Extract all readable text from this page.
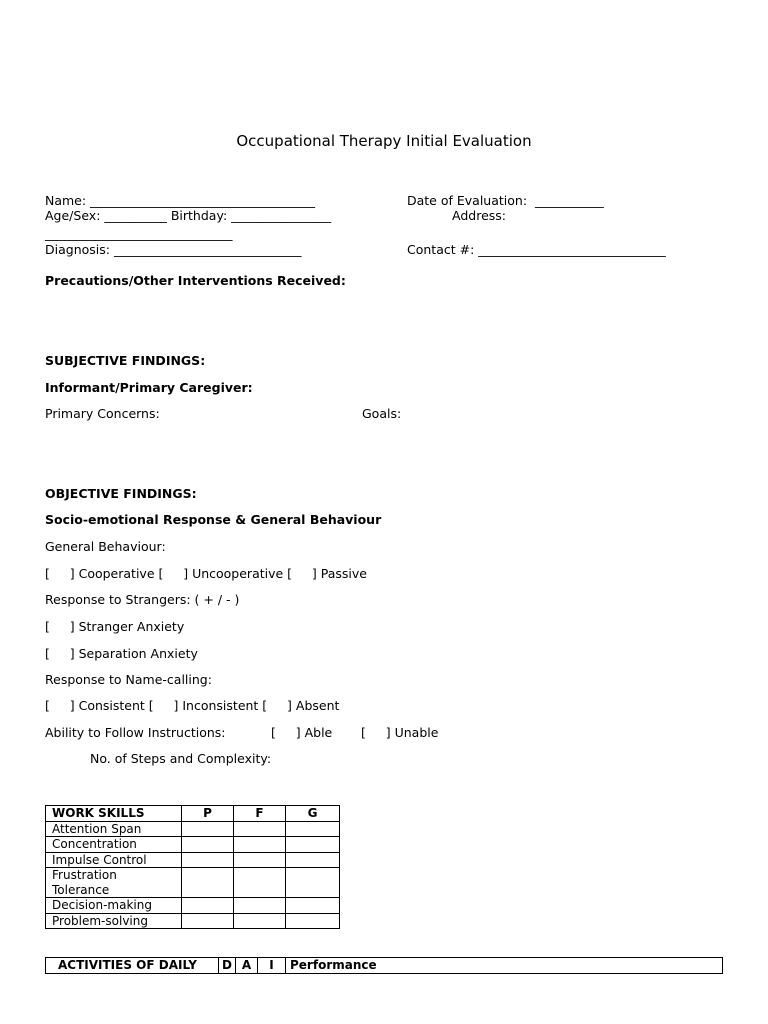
Occupational Therapy Initial Evaluation
Name: ____________________________________	Date of Evaluation:  ___________
Age/Sex: __________ Birthday: ________________	Address:
______________________________
Diagnosis: ______________________________	Contact #: ______________________________
Precautions/Other Interventions Received:
SUBJECTIVE FINDINGS:
Informant/Primary Caregiver:
Primary Concerns:	Goals:
OBJECTIVE FINDINGS:
Socio-emotional Response & General Behaviour
General Behaviour:
[     ] Cooperative [     ] Uncooperative [     ] Passive
Response to Strangers: ( + / - )
[     ] Stranger Anxiety
[     ] Separation Anxiety
Response to Name-calling:
[     ] Consistent [     ] Inconsistent [     ] Absent
Ability to Follow Instructions:	[     ] Able [     ] Unable
No. of Steps and Complexity:
WORK SKILLS	P	F	G
Attention Span			
Concentration			
Impulse Control			
Frustration Tolerance			
Decision-making			
Problem-solving			
ACTIVITIES OF DAILY	D	A	I	Performance
